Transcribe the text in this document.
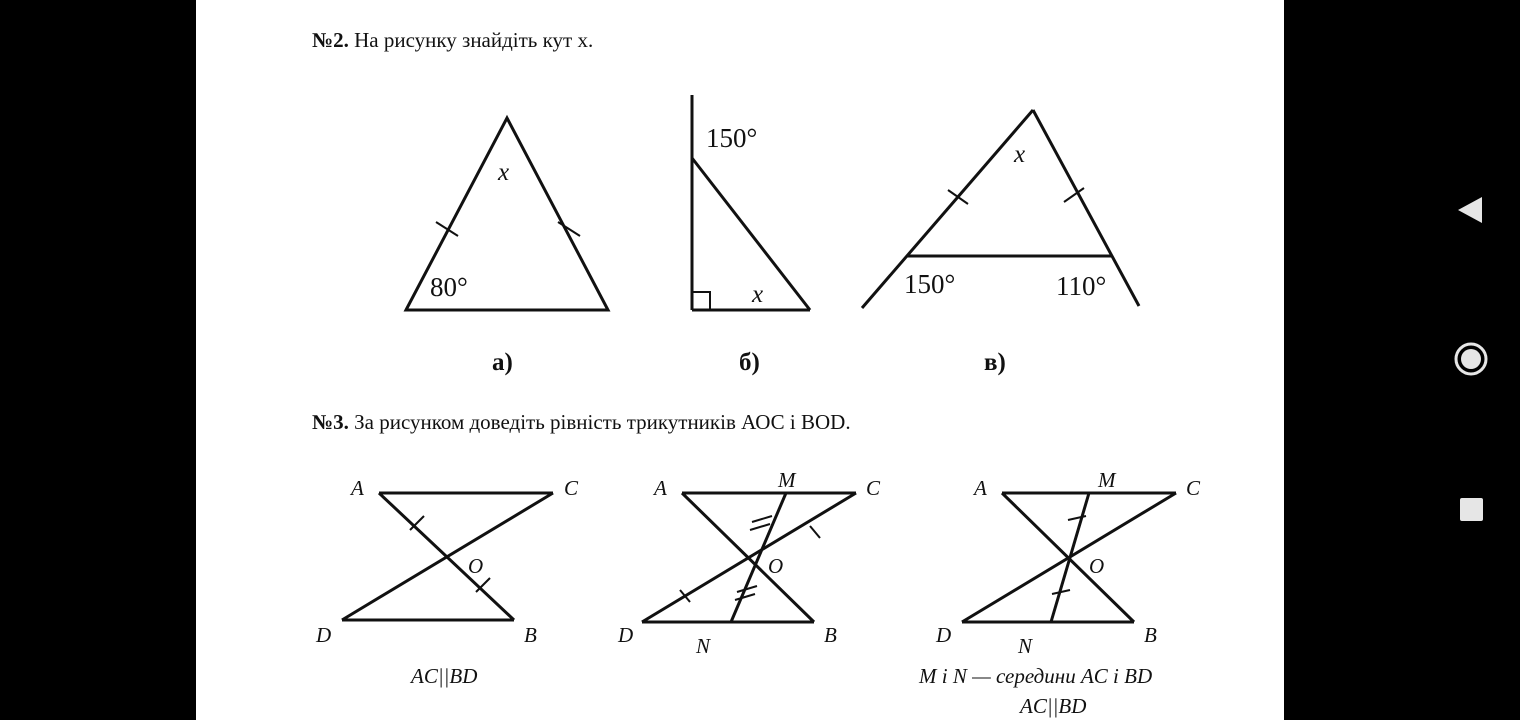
№2. На рисунку знайдіть кут х.
x
80°
а)
150°
x
б)
x
150°	110°
в)
A	C
O
D	B
AC||BD
A	M	C
O
D	N	B
A	M	C
O
D	N	B
M і N — середини AC і BD
AC||BD
№3. За рисунком доведіть рівність трикутників АОС і ВОD.
